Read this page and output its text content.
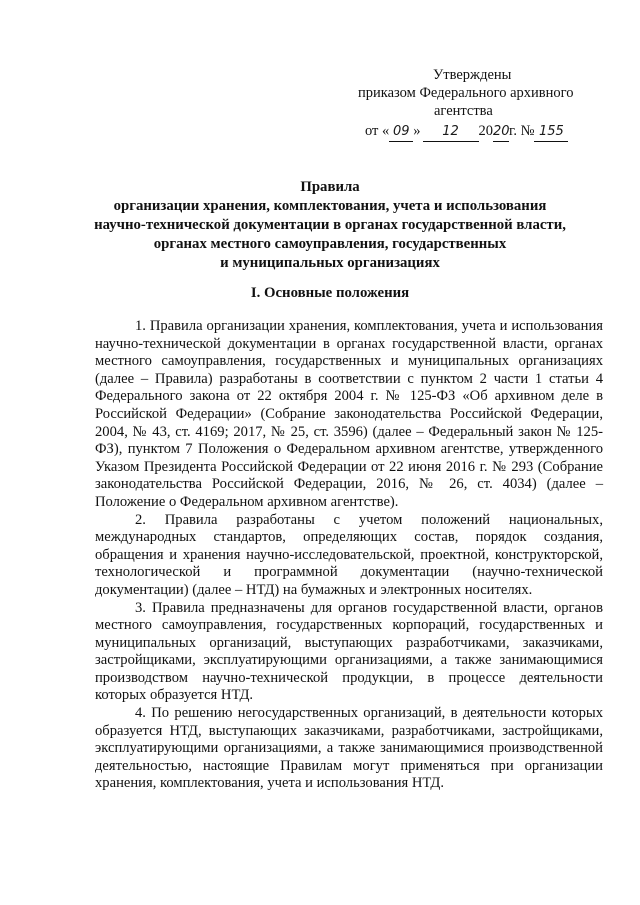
Утверждены
приказом Федерального архивного
агентства
от « 09 » 12 2020г. № 155
Правила
организации хранения, комплектования, учета и использования
научно-технической документации в органах государственной власти,
органах местного самоуправления, государственных
и муниципальных организациях
I. Основные положения

1. Правила организации хранения, комплектования, учета и использования научно-технической документации в органах государственной власти, органах местного самоуправления, государственных и муниципальных организациях (далее – Правила) разработаны в соответствии с пунктом 2 части 1 статьи 4 Федерального закона от 22 октября 2004 г. № 125-ФЗ «Об архивном деле в Российской Федерации» (Собрание законодательства Российской Федерации, 2004, № 43, ст. 4169; 2017, № 25, ст. 3596) (далее – Федеральный закон № 125-ФЗ), пунктом 7 Положения о Федеральном архивном агентстве, утвержденного Указом Президента Российской Федерации от 22 июня 2016 г. № 293 (Собрание законодательства Российской Федерации, 2016, № 26, ст. 4034) (далее – Положение о Федеральном архивном агентстве).

2. Правила разработаны с учетом положений национальных, международных стандартов, определяющих состав, порядок создания, обращения и хранения научно-исследовательской, проектной, конструкторской, технологической и программной документации (научно-технической документации) (далее – НТД) на бумажных и электронных носителях.

3. Правила предназначены для органов государственной власти, органов местного самоуправления, государственных корпораций, государственных и муниципальных организаций, выступающих разработчиками, заказчиками, застройщиками, эксплуатирующими организациями, а также занимающимися производством научно-технической продукции, в процессе деятельности которых образуется НТД.

4. По решению негосударственных организаций, в деятельности которых образуется НТД, выступающих заказчиками, разработчиками, застройщиками, эксплуатирующими организациями, а также занимающимися производственной деятельностью, настоящие Правилам могут применяться при организации хранения, комплектования, учета и использования НТД.
